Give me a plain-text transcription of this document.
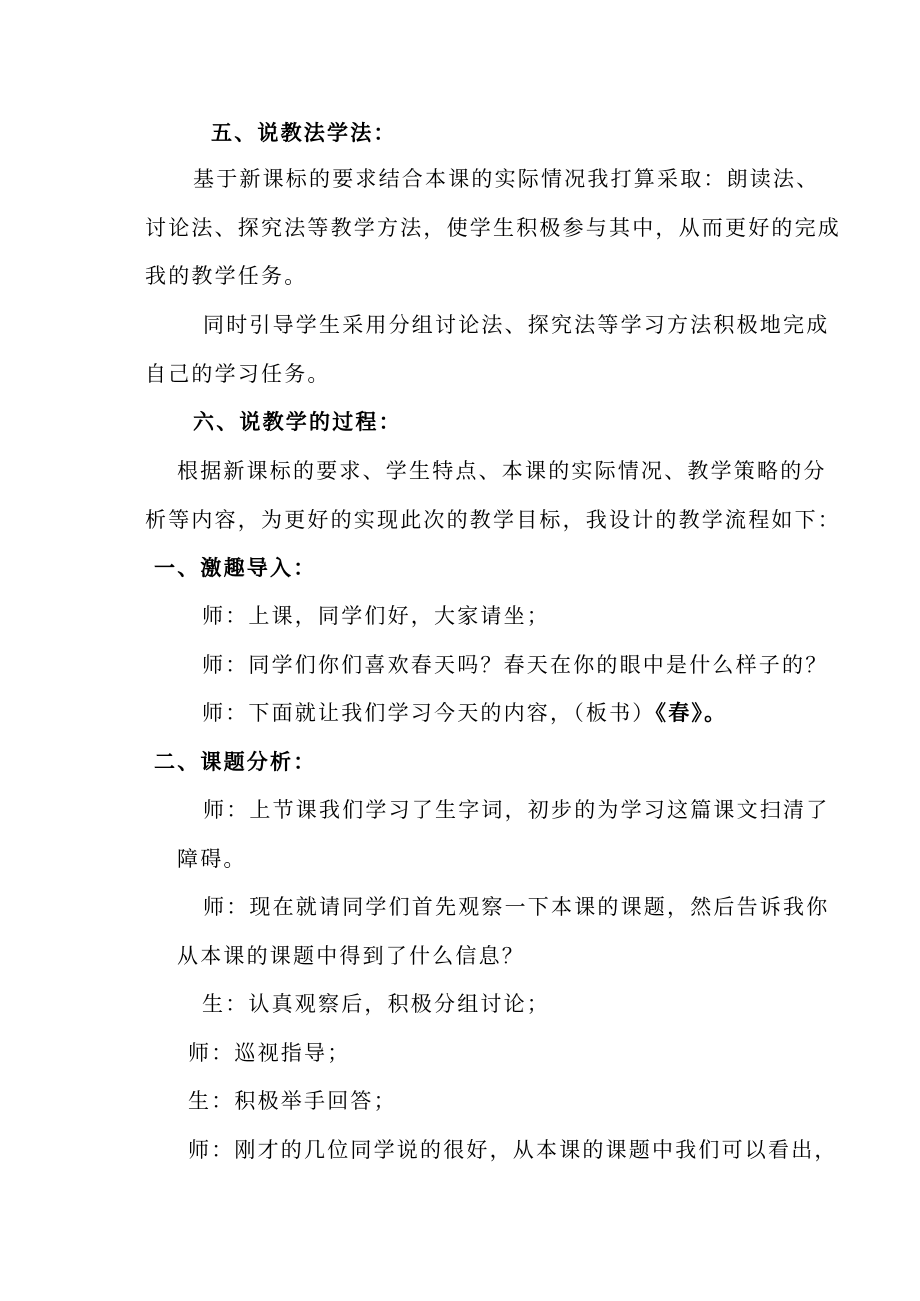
五、说教法学法：
基于新课标的要求结合本课的实际情况我打算采取：朗读法、
讨论法、探究法等教学方法，使学生积极参与其中，从而更好的完成
我的教学任务。
同时引导学生采用分组讨论法、探究法等学习方法积极地完成
自己的学习任务。
六、说教学的过程：
根据新课标的要求、学生特点、本课的实际情况、教学策略的分
析等内容，为更好的实现此次的教学目标，我设计的教学流程如下：
一、激趣导入：
师：上课，同学们好，大家请坐；
师：同学们你们喜欢春天吗？春天在你的眼中是什么样子的？
师：下面就让我们学习今天的内容，（板书）《春》。
二、课题分析：
师：上节课我们学习了生字词，初步的为学习这篇课文扫清了
障碍。
师：现在就请同学们首先观察一下本课的课题，然后告诉我你
从本课的课题中得到了什么信息？
生：认真观察后，积极分组讨论；
师：巡视指导；
生：积极举手回答；
师：刚才的几位同学说的很好，从本课的课题中我们可以看出，
